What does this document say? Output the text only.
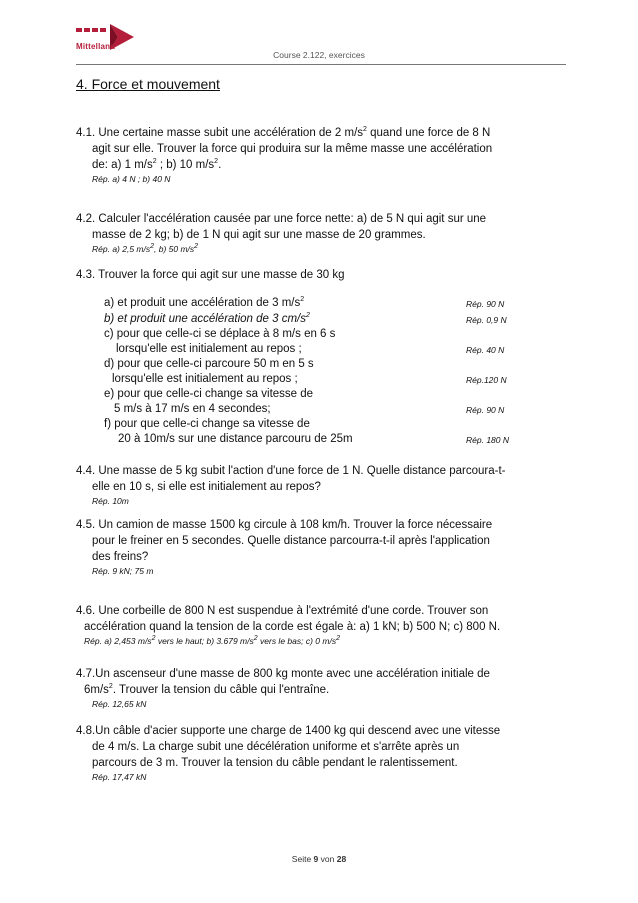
Mittelland
Course 2.122, exercices
4. Force et mouvement
4.1. Une certaine masse subit une accélération de 2 $m/s^2$ quand une force de 8 N
agit sur elle. Trouver la force qui produira sur la même masse une accélération
de: a) 1 $m/s^2$ ; b) 10 $m/s^2$.
Rép. a) 4 N ; b) 40 N
4.2. Calculer l'accélération causée par une force nette: a) de 5 N qui agit sur une
masse de 2 kg; b) de 1 N qui agit sur une masse de 20 grammes.
Rép. a) 2,5 $m/s^2$, b) 50 $m/s^2$
4.3. Trouver la force qui agit sur une masse de 30 kg
a) et produit une accélération de 3 $m/s^2$	Rép. 90 N
b) et produit une accélération de 3 $cm/s^2$	Rép. 0,9 N
c) pour que celle-ci se déplace à 8 m/s en 6 s
lorsqu'elle est initialement au repos ;	Rép. 40 N
d) pour que celle-ci parcoure 50 m en 5 s
lorsqu'elle est initialement au repos ;	Rép.120 N
e) pour que celle-ci change sa vitesse de
5 m/s à 17 m/s en 4 secondes;	Rép. 90 N
f) pour que celle-ci change sa vitesse de
20 à 10m/s sur une distance parcouru de 25m	Rép. 180 N
4.4. Une masse de 5 kg subit l'action d'une force de 1 N. Quelle distance parcoura-t-
elle en 10 s, si elle est initialement au repos?
Rép. 10m
4.5. Un camion de masse 1500 kg circule à 108 km/h. Trouver la force nécessaire
pour le freiner en 5 secondes. Quelle distance parcourra-t-il après l'application
des freins?
Rép. 9 kN; 75 m
4.6. Une corbeille de 800 N est suspendue à l'extrémité d'une corde. Trouver son
accélération quand la tension de la corde est égale à: a) 1 kN; b) 500 N; c) 800 N.
Rép. a) 2,453 $m/s^2$ vers le haut; b) 3.679 $m/s^2$ vers le bas; c) 0 $m/s^2$
4.7.Un ascenseur d'une masse de 800 kg monte avec une accélération initiale de
$6m/s^2$. Trouver la tension du câble qui l'entraîne.
Rép. 12,65 kN
4.8.Un câble d'acier supporte une charge de 1400 kg qui descend avec une vitesse
de 4 m/s. La charge subit une décélération uniforme et s'arrête après un
parcours de 3 m. Trouver la tension du câble pendant le ralentissement.
Rép. 17,47 kN
Seite 9 von 28
